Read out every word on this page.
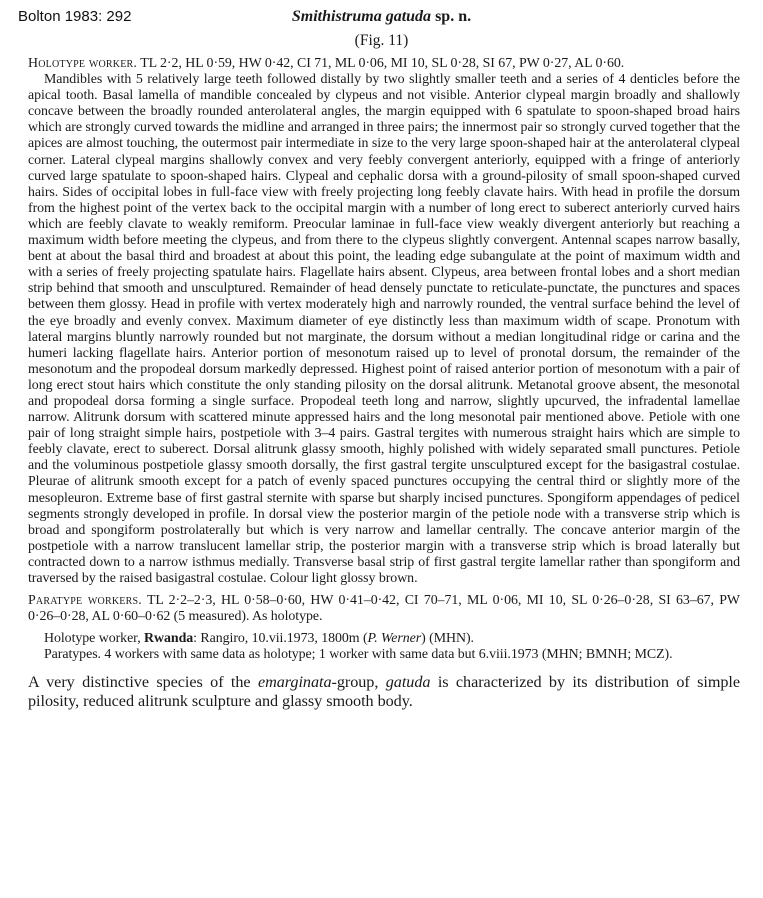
Bolton 1983: 292	Smithistruma gatuda sp. n.
(Fig. 11)

Holotype worker. TL 2·2, HL 0·59, HW 0·42, CI 71, ML 0·06, MI 10, SL 0·28, SI 67, PW 0·27, AL 0·60.

Mandibles with 5 relatively large teeth followed distally by two slightly smaller teeth and a series of 4 denticles before the apical tooth. Basal lamella of mandible concealed by clypeus and not visible. Anterior clypeal margin broadly and shallowly concave between the broadly rounded anterolateral angles, the margin equipped with 6 spatulate to spoon-shaped broad hairs which are strongly curved towards the midline and arranged in three pairs; the innermost pair so strongly curved together that the apices are almost touching, the outermost pair intermediate in size to the very large spoon-shaped hair at the anterolateral clypeal corner. Lateral clypeal margins shallowly convex and very feebly convergent anteriorly, equipped with a fringe of anteriorly curved large spatulate to spoon-shaped hairs. Clypeal and cephalic dorsa with a ground-pilosity of small spoon-shaped curved hairs. Sides of occipital lobes in full-face view with freely projecting long feebly clavate hairs. With head in profile the dorsum from the highest point of the vertex back to the occipital margin with a number of long erect to suberect anteriorly curved hairs which are feebly clavate to weakly remiform. Preocular laminae in full-face view weakly divergent anteriorly but reaching a maximum width before meeting the clypeus, and from there to the clypeus slightly convergent. Antennal scapes narrow basally, bent at about the basal third and broadest at about this point, the leading edge subangulate at the point of maximum width and with a series of freely projecting spatulate hairs. Flagellate hairs absent. Clypeus, area between frontal lobes and a short median strip behind that smooth and unsculptured. Remainder of head densely punctate to reticulate-punctate, the punctures and spaces between them glossy. Head in profile with vertex moderately high and narrowly rounded, the ventral surface behind the level of the eye broadly and evenly convex. Maximum diameter of eye distinctly less than maximum width of scape. Pronotum with lateral margins bluntly narrowly rounded but not marginate, the dorsum without a median longitudinal ridge or carina and the humeri lacking flagellate hairs. Anterior portion of mesonotum raised up to level of pronotal dorsum, the remainder of the mesonotum and the propodeal dorsum markedly depressed. Highest point of raised anterior portion of mesonotum with a pair of long erect stout hairs which constitute the only standing pilosity on the dorsal alitrunk. Metanotal groove absent, the mesonotal and propodeal dorsa forming a single surface. Propodeal teeth long and narrow, slightly upcurved, the infradental lamellae narrow. Alitrunk dorsum with scattered minute appressed hairs and the long mesonotal pair mentioned above. Petiole with one pair of long straight simple hairs, postpetiole with 3–4 pairs. Gastral tergites with numerous straight hairs which are simple to feebly clavate, erect to suberect. Dorsal alitrunk glassy smooth, highly polished with widely separated small punctures. Petiole and the voluminous postpetiole glassy smooth dorsally, the first gastral tergite unsculptured except for the basigastral costulae. Pleurae of alitrunk smooth except for a patch of evenly spaced punctures occupying the central third or slightly more of the mesopleuron. Extreme base of first gastral sternite with sparse but sharply incised punctures. Spongiform appendages of pedicel segments strongly developed in profile. In dorsal view the posterior margin of the petiole node with a transverse strip which is broad and spongiform postrolaterally but which is very narrow and lamellar centrally. The concave anterior margin of the postpetiole with a narrow translucent lamellar strip, the posterior margin with a transverse strip which is broad laterally but contracted down to a narrow isthmus medially. Transverse basal strip of first gastral tergite lamellar rather than spongiform and traversed by the raised basigastral costulae. Colour light glossy brown.

Paratype workers. TL 2·2–2·3, HL 0·58–0·60, HW 0·41–0·42, CI 70–71, ML 0·06, MI 10, SL 0·26–0·28, SI 63–67, PW 0·26–0·28, AL 0·60–0·62 (5 measured). As holotype.

Holotype worker, Rwanda: Rangiro, 10.vii.1973, 1800m (P. Werner) (MHN).

Paratypes. 4 workers with same data as holotype; 1 worker with same data but 6.viii.1973 (MHN; BMNH; MCZ).

A very distinctive species of the emarginata-group, gatuda is characterized by its distribution of simple pilosity, reduced alitrunk sculpture and glassy smooth body.
